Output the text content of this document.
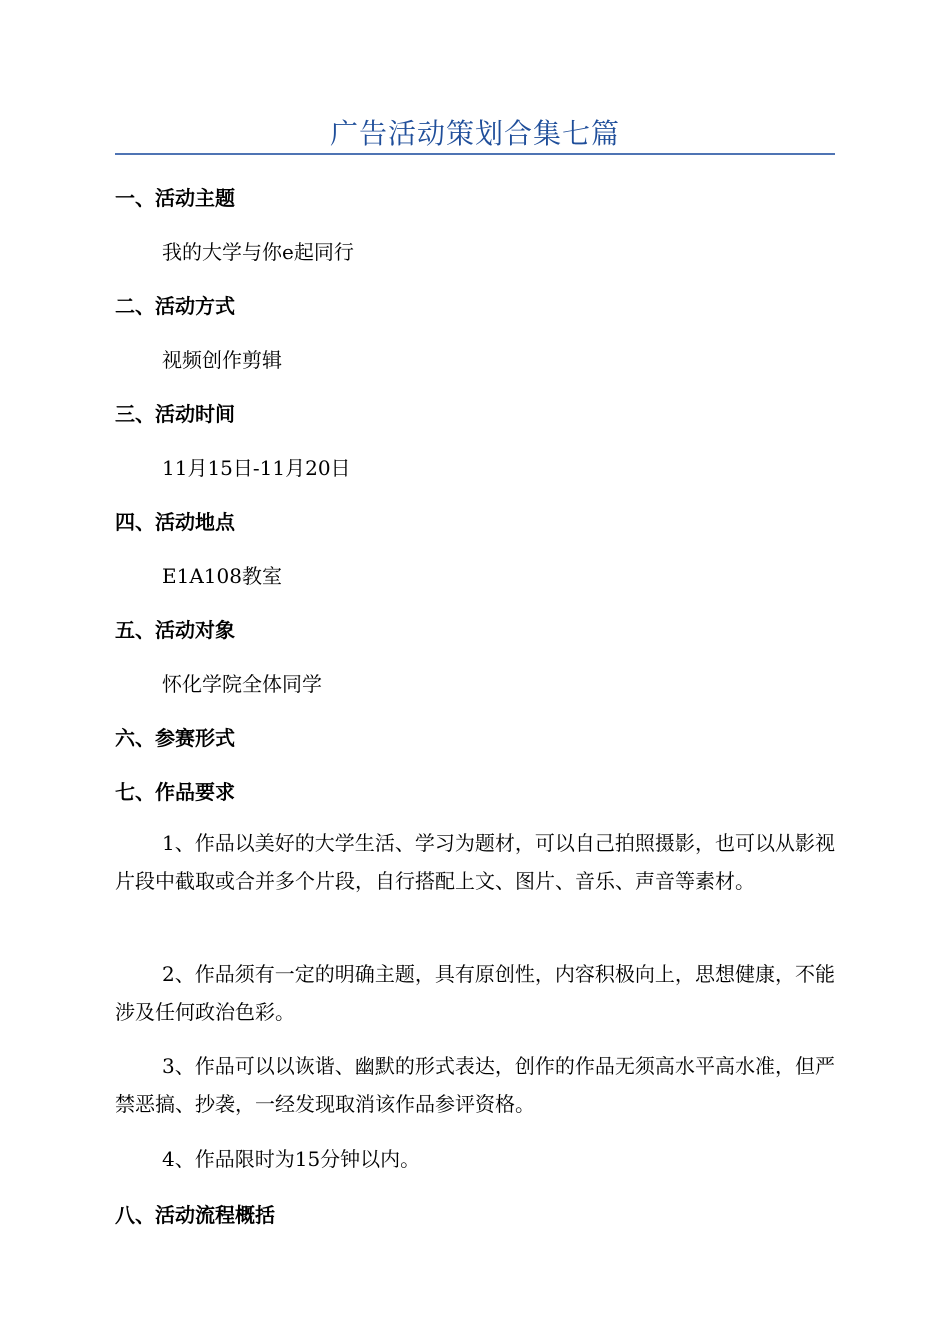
广告活动策划合集七篇
一、活动主题
我的大学与你e起同行
二、活动方式
视频创作剪辑
三、活动时间
11月15日-11月20日
四、活动地点
E1A108教室
五、活动对象
怀化学院全体同学
六、参赛形式
七、作品要求
1、作品以美好的大学生活、学习为题材，可以自己拍照摄影，也可以从影视片段中截取或合并多个片段，自行搭配上文、图片、音乐、声音等素材。
2、作品须有一定的明确主题，具有原创性，内容积极向上，思想健康，不能涉及任何政治色彩。
3、作品可以以诙谐、幽默的形式表达，创作的作品无须高水平高水准，但严禁恶搞、抄袭，一经发现取消该作品参评资格。
4、作品限时为15分钟以内。
八、活动流程概括
